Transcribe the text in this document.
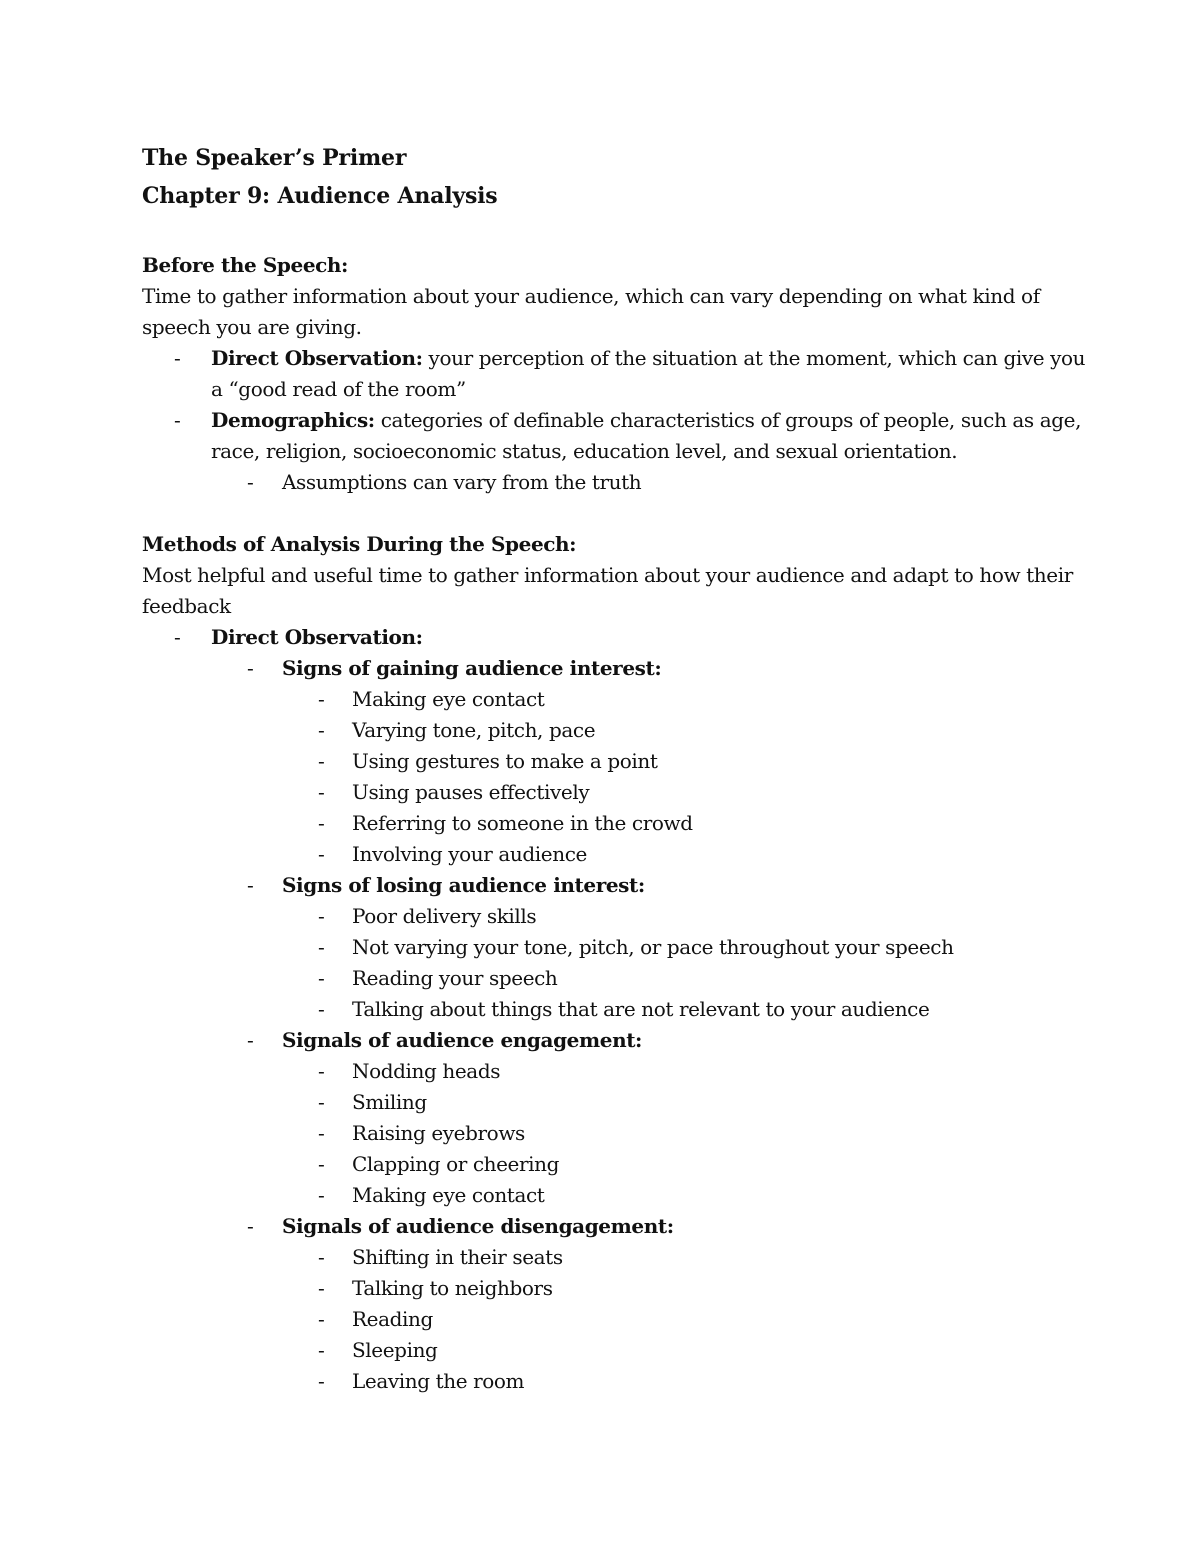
The Speaker’s Primer
Chapter 9: Audience Analysis
Before the Speech:
Time to gather information about your audience, which can vary depending on what kind of
speech you are giving.
- Direct Observation: your perception of the situation at the moment, which can give you
a “good read of the room”
- Demographics: categories of definable characteristics of groups of people, such as age,
race, religion, socioeconomic status, education level, and sexual orientation.
- Assumptions can vary from the truth
Methods of Analysis During the Speech:
Most helpful and useful time to gather information about your audience and adapt to how their
feedback
- Direct Observation:
- Signs of gaining audience interest:
- Making eye contact
- Varying tone, pitch, pace
- Using gestures to make a point
- Using pauses effectively
- Referring to someone in the crowd
- Involving your audience
- Signs of losing audience interest:
- Poor delivery skills
- Not varying your tone, pitch, or pace throughout your speech
- Reading your speech
- Talking about things that are not relevant to your audience
- Signals of audience engagement:
- Nodding heads
- Smiling
- Raising eyebrows
- Clapping or cheering
- Making eye contact
- Signals of audience disengagement:
- Shifting in their seats
- Talking to neighbors
- Reading
- Sleeping
- Leaving the room
